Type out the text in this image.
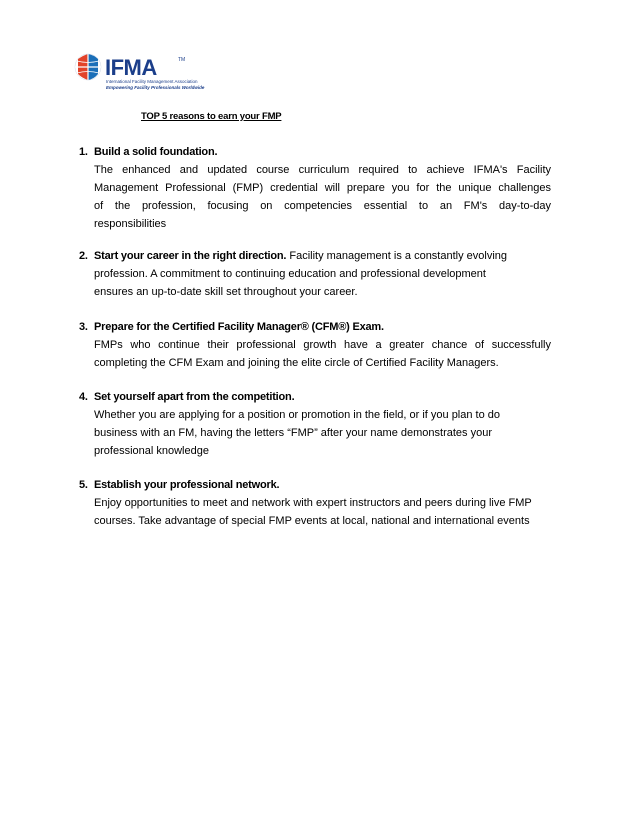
IFMA	TM
International Facility Management Association
Empowering Facility Professionals Worldwide
TOP 5 reasons to earn your FMP
1. Build a solid foundation.
The enhanced and updated course curriculum required to achieve IFMA's Facility
Management Professional (FMP) credential will prepare you for the unique challenges
of the profession, focusing on competencies essential to an FM's day-to-day
responsibilities
2. Start your career in the right direction. Facility management is a constantly evolving
profession. A commitment to continuing education and professional development
ensures an up-to-date skill set throughout your career.
3. Prepare for the Certified Facility Manager® (CFM®) Exam.
FMPs who continue their professional growth have a greater chance of successfully
completing the CFM Exam and joining the elite circle of Certified Facility Managers.
4. Set yourself apart from the competition.
Whether you are applying for a position or promotion in the field, or if you plan to do
business with an FM, having the letters “FMP” after your name demonstrates your
professional knowledge
5. Establish your professional network.
Enjoy opportunities to meet and network with expert instructors and peers during live FMP
courses. Take advantage of special FMP events at local, national and international events
